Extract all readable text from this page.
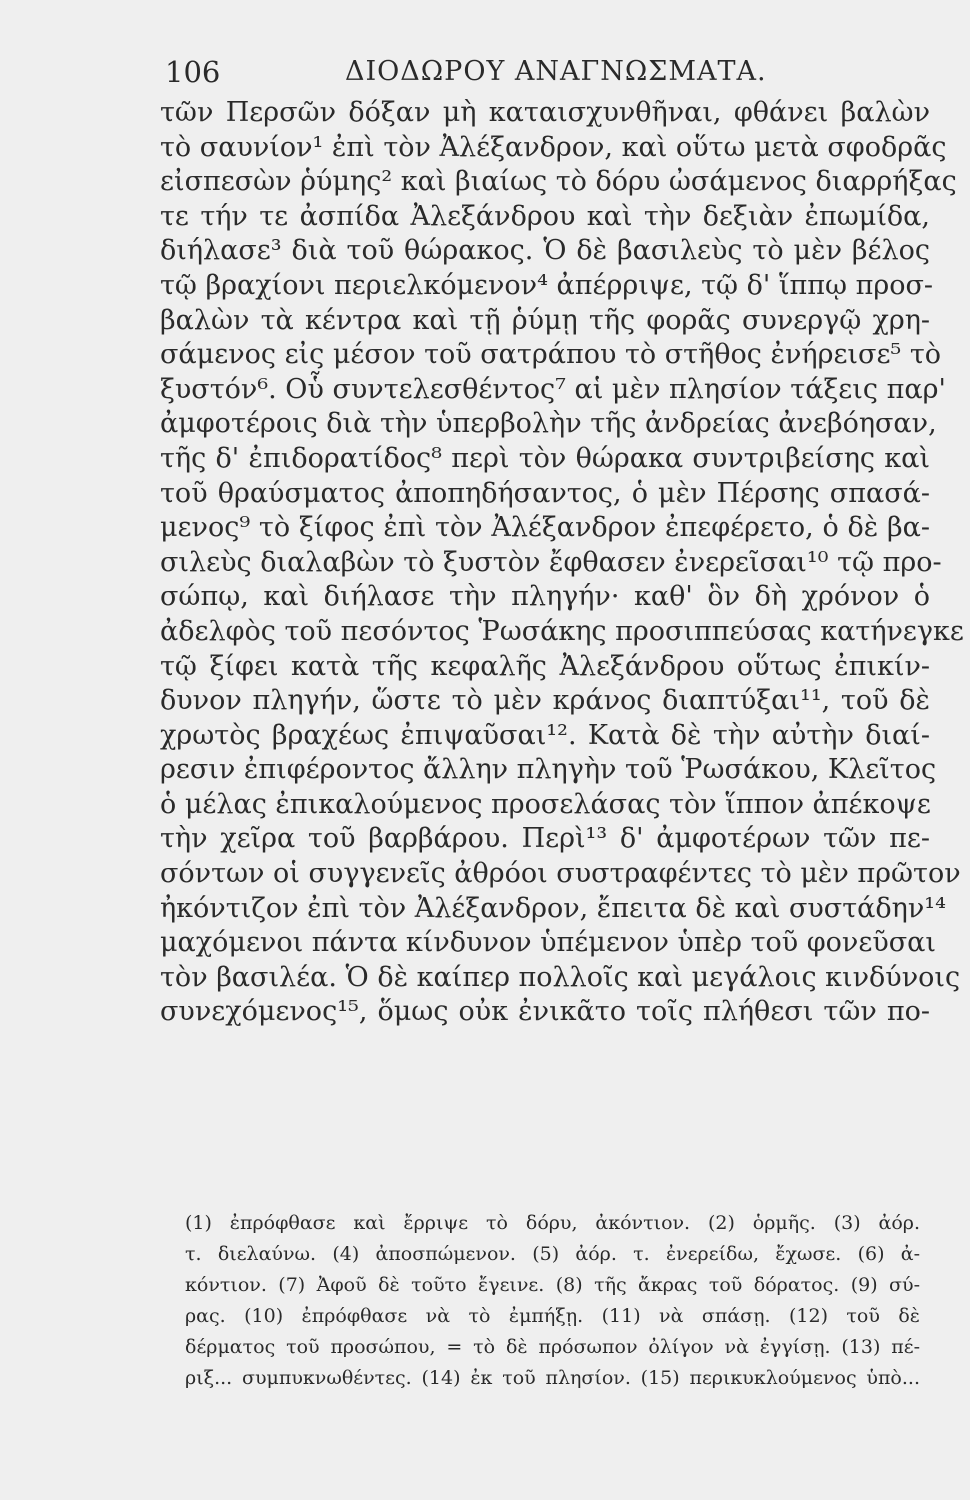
106	ΔΙΟΔΩΡΟΥ ΑΝΑΓΝΩΣΜΑΤΑ.
τῶν Περσῶν δόξαν μὴ καταισχυνθῆναι, φθάνει βαλὼν
τὸ σαυνίον¹ ἐπὶ τὸν Ἀλέξανδρον, καὶ οὕτω μετὰ σφοδρᾶς
εἰσπεσὼν ῥύμης² καὶ βιαίως τὸ δόρυ ὠσάμενος διαρρήξας
τε τήν τε ἀσπίδα Ἀλεξάνδρου καὶ τὴν δεξιὰν ἐπωμίδα,
διήλασε³ διὰ τοῦ θώρακος. Ὁ δὲ βασιλεὺς τὸ μὲν βέλος
τῷ βραχίονι περιελκόμενον⁴ ἀπέρριψε, τῷ δ' ἵππῳ προσ-
βαλὼν τὰ κέντρα καὶ τῇ ῥύμῃ τῆς φορᾶς συνεργῷ χρη-
σάμενος εἰς μέσον τοῦ σατράπου τὸ στῆθος ἐνήρεισε⁵ τὸ
ξυστόν⁶. Οὗ συντελεσθέντος⁷ αἱ μὲν πλησίον τάξεις παρ'
ἀμφοτέροις διὰ τὴν ὑπερβολὴν τῆς ἀνδρείας ἀνεβόησαν,
τῆς δ' ἐπιδορατίδος⁸ περὶ τὸν θώρακα συντριβείσης καὶ
τοῦ θραύσματος ἀποπηδήσαντος, ὁ μὲν Πέρσης σπασά-
μενος⁹ τὸ ξίφος ἐπὶ τὸν Ἀλέξανδρον ἐπεφέρετο, ὁ δὲ βα-
σιλεὺς διαλαβὼν τὸ ξυστὸν ἔφθασεν ἐνερεῖσαι¹⁰ τῷ προ-
σώπῳ, καὶ διήλασε τὴν πληγήν· καθ' ὃν δὴ χρόνον ὁ
ἀδελφὸς τοῦ πεσόντος Ῥωσάκης προσιππεύσας κατήνεγκε
τῷ ξίφει κατὰ τῆς κεφαλῆς Ἀλεξάνδρου οὕτως ἐπικίν-
δυνον πληγήν, ὥστε τὸ μὲν κράνος διαπτύξαι¹¹, τοῦ δὲ
χρωτὸς βραχέως ἐπιψαῦσαι¹². Κατὰ δὲ τὴν αὐτὴν διαί-
ρεσιν ἐπιφέροντος ἄλλην πληγὴν τοῦ Ῥωσάκου, Κλεῖτος
ὁ μέλας ἐπικαλούμενος προσελάσας τὸν ἵππον ἀπέκοψε
τὴν χεῖρα τοῦ βαρβάρου. Περὶ¹³ δ' ἀμφοτέρων τῶν πε-
σόντων οἱ συγγενεῖς ἀθρόοι συστραφέντες τὸ μὲν πρῶτον
ἠκόντιζον ἐπὶ τὸν Ἀλέξανδρον, ἔπειτα δὲ καὶ συστάδην¹⁴
μαχόμενοι πάντα κίνδυνον ὑπέμενον ὑπὲρ τοῦ φονεῦσαι
τὸν βασιλέα. Ὁ δὲ καίπερ πολλοῖς καὶ μεγάλοις κινδύνοις
συνεχόμενος¹⁵, ὅμως οὐκ ἐνικᾶτο τοῖς πλήθεσι τῶν πο-
(1) ἐπρόφθασε καὶ ἔρριψε τὸ δόρυ, ἀκόντιον. (2) ὁρμῆς. (3) ἀόρ.
τ. διελαύνω. (4) ἀποσπώμενον. (5) ἀόρ. τ. ἐνερείδω, ἔχωσε. (6) ἀ-
κόντιον. (7) Ἀφοῦ δὲ τοῦτο ἔγεινε. (8) τῆς ἄκρας τοῦ δόρατος. (9) σύ-
ρας. (10) ἐπρόφθασε νὰ τὸ ἐμπήξῃ. (11) νὰ σπάσῃ. (12) τοῦ δὲ
δέρματος τοῦ προσώπου, = τὸ δὲ πρόσωπον ὀλίγον νὰ ἐγγίσῃ. (13) πέ-
ριξ... συμπυκνωθέντες. (14) ἐκ τοῦ πλησίον. (15) περικυκλούμενος ὑπὸ...
